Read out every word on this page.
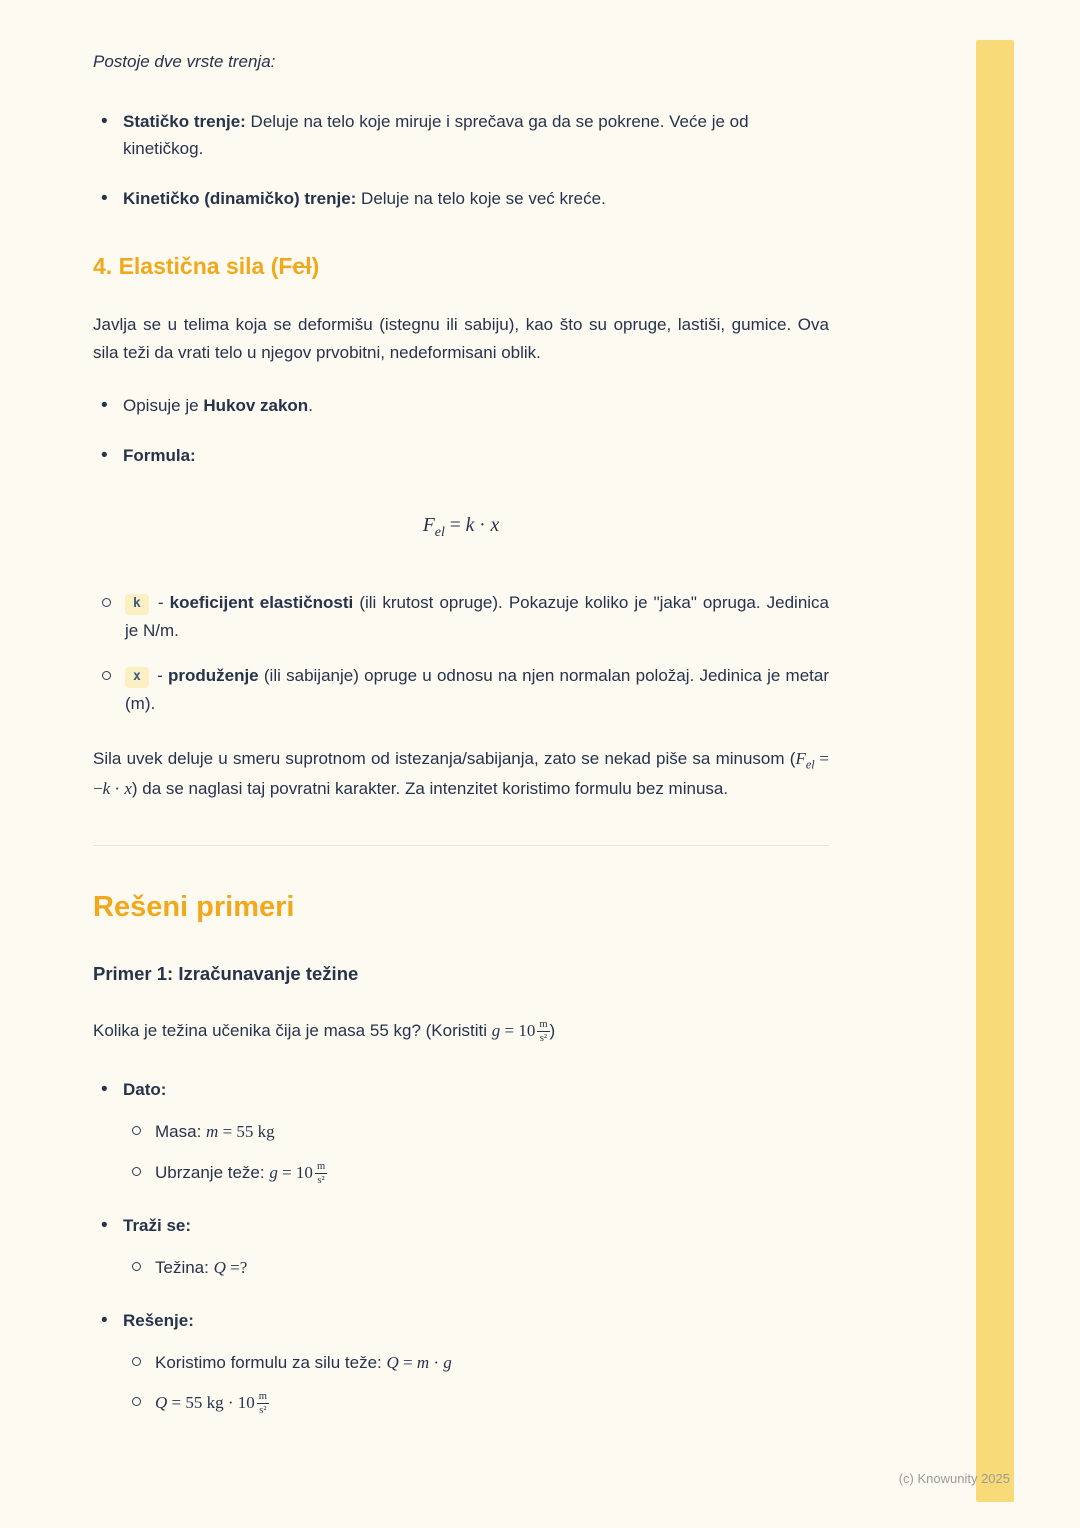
Postoje dve vrste trenja:

• Statičko trenje: Deluje na telo koje miruje i sprečava ga da se pokrene. Veće je od kinetičkog.
• Kinetičko (dinamičko) trenje: Deluje na telo koje se već kreće.
4. Elastična sila (Fel)

Javlja se u telima koja se deformišu (istegnu ili sabiju), kao što su opruge, lastiši, gumice. Ova sila teži da vrati telo u njegov prvobitni, nedeformisani oblik.

• Opisuje je Hukov zakon.
• Formula:
$F_{el} = k \cdot x$
k - koeficijent elastičnosti (ili krutost opruge). Pokazuje koliko je "jaka" opruga. Jedinica je N/m.
x - produženje (ili sabijanje) opruge u odnosu na njen normalan položaj. Jedinica je metar (m).

Sila uvek deluje u smeru suprotnom od istezanja/sabijanja, zato se nekad piše sa minusom $(F_{el} = -k \cdot x)$ da se naglasi taj povratni karakter. Za intenzitet koristimo formulu bez minusa.

Rešeni primeri
Primer 1: Izračunavanje težine

Kolika je težina učenika čija je masa 55 kg? (Koristiti $g = 10 \frac{m}{\text{s²}}$ )

• Dato:
Masa: m = 55 kg
Ubrzanje teže: $g = 10 \frac{m}{\text{s²}}$
• Traži se:
Težina: Q =?
• Rešenje:
Koristimo formulu za silu teže: Q = m · g
Q = 55 kg · $10 \frac{m}{\text{s²}}$
(c) Knowunity 2025
